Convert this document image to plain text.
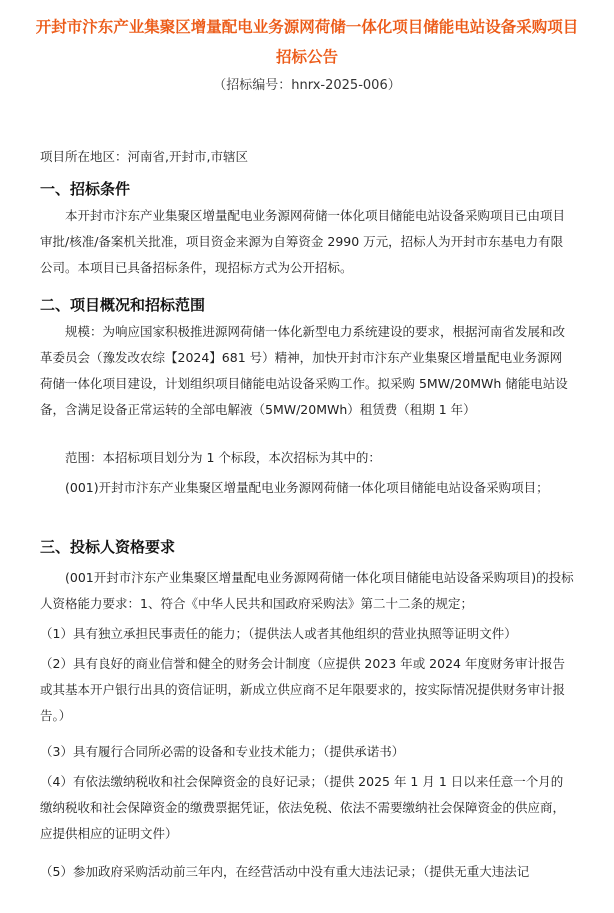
开封市汴东产业集聚区增量配电业务源网荷储一体化项目储能电站设备采购项目招标公告
（招标编号：hnrx-2025-006）
项目所在地区：河南省,开封市,市辖区
一、招标条件
本开封市汴东产业集聚区增量配电业务源网荷储一体化项目储能电站设备采购项目已由项目审批/核准/备案机关批准，项目资金来源为自筹资金 2990 万元，招标人为开封市东基电力有限公司。本项目已具备招标条件，现招标方式为公开招标。
二、项目概况和招标范围
规模：为响应国家积极推进源网荷储一体化新型电力系统建设的要求，根据河南省发展和改革委员会（豫发改农综【2024】681 号）精神，加快开封市汴东产业集聚区增量配电业务源网荷储一体化项目建设，计划组织项目储能电站设备采购工作。拟采购 5MW/20MWh 储能电站设备，含满足设备正常运转的全部电解液（5MW/20MWh）租赁费（租期 1 年）
范围：本招标项目划分为 1 个标段，本次招标为其中的：
(001)开封市汴东产业集聚区增量配电业务源网荷储一体化项目储能电站设备采购项目；
三、投标人资格要求
(001开封市汴东产业集聚区增量配电业务源网荷储一体化项目储能电站设备采购项目)的投标人资格能力要求：1、符合《中华人民共和国政府采购法》第二十二条的规定；
（1）具有独立承担民事责任的能力；（提供法人或者其他组织的营业执照等证明文件）
（2）具有良好的商业信誉和健全的财务会计制度（应提供 2023 年或 2024 年度财务审计报告或其基本开户银行出具的资信证明，新成立供应商不足年限要求的，按实际情况提供财务审计报告。）
（3）具有履行合同所必需的设备和专业技术能力；（提供承诺书）
（4）有依法缴纳税收和社会保障资金的良好记录；（提供 2025 年 1 月 1 日以来任意一个月的缴纳税收和社会保障资金的缴费票据凭证，依法免税、依法不需要缴纳社会保障资金的供应商，应提供相应的证明文件）
（5）参加政府采购活动前三年内，在经营活动中没有重大违法记录；（提供无重大违法记
